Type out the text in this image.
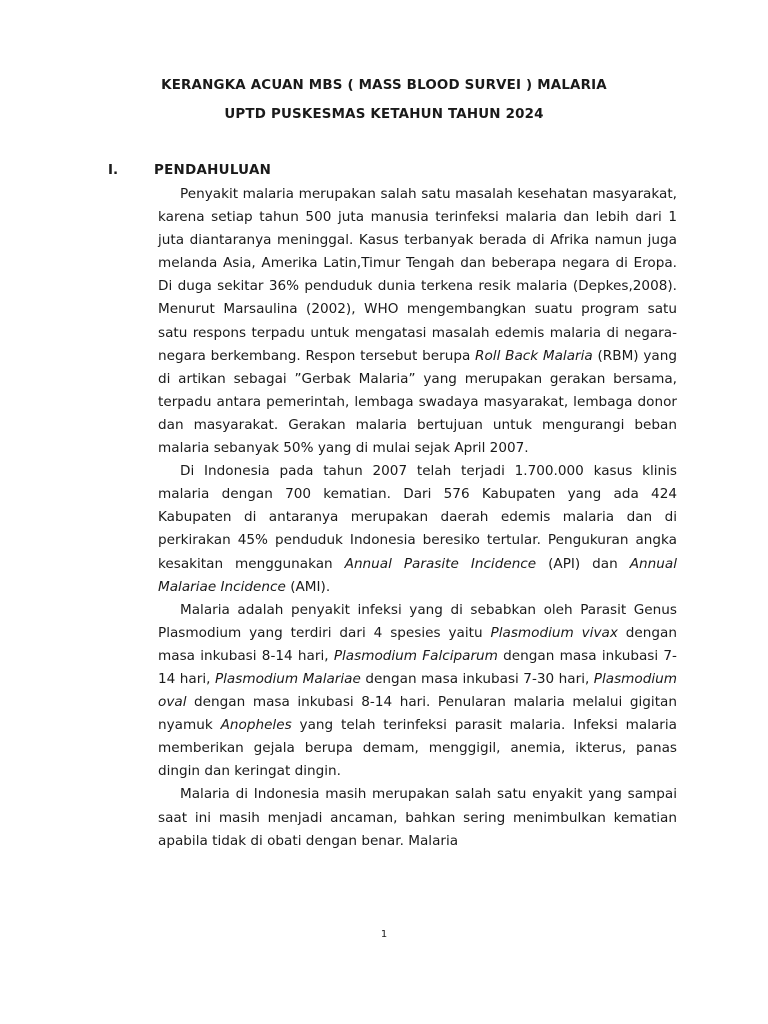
KERANGKA ACUAN MBS ( MASS BLOOD SURVEI ) MALARIA
UPTD PUSKESMAS KETAHUN TAHUN 2024
I.	PENDAHULUAN

Penyakit malaria merupakan salah satu masalah kesehatan masyarakat, karena setiap tahun 500 juta manusia terinfeksi malaria dan lebih dari 1 juta diantaranya meninggal. Kasus terbanyak berada di Afrika namun juga melanda Asia, Amerika Latin,Timur Tengah dan beberapa negara di Eropa. Di duga sekitar 36% penduduk dunia terkena resik malaria (Depkes,2008). Menurut Marsaulina (2002), WHO mengembangkan suatu program satu satu respons terpadu untuk mengatasi masalah edemis malaria di negara-negara berkembang. Respon tersebut berupa Roll Back Malaria (RBM) yang di artikan sebagai ”Gerbak Malaria” yang merupakan gerakan bersama, terpadu antara pemerintah, lembaga swadaya masyarakat, lembaga donor dan masyarakat. Gerakan malaria bertujuan untuk mengurangi beban malaria sebanyak 50% yang di mulai sejak April 2007.

Di Indonesia pada tahun 2007 telah terjadi 1.700.000 kasus klinis malaria dengan 700 kematian. Dari 576 Kabupaten yang ada 424 Kabupaten di antaranya merupakan daerah edemis malaria dan di perkirakan 45% penduduk Indonesia beresiko tertular. Pengukuran angka kesakitan menggunakan Annual Parasite Incidence (API) dan Annual Malariae Incidence (AMI).

Malaria adalah penyakit infeksi yang di sebabkan oleh Parasit Genus Plasmodium yang terdiri dari 4 spesies yaitu Plasmodium vivax dengan masa inkubasi 8-14 hari, Plasmodium Falciparum dengan masa inkubasi 7-14 hari, Plasmodium Malariae dengan masa inkubasi 7-30 hari, Plasmodium oval dengan masa inkubasi 8-14 hari. Penularan malaria melalui gigitan nyamuk Anopheles yang telah terinfeksi parasit malaria. Infeksi malaria memberikan gejala berupa demam, menggigil, anemia, ikterus, panas dingin dan keringat dingin.

Malaria di Indonesia masih merupakan salah satu enyakit yang sampai saat ini masih menjadi ancaman, bahkan sering menimbulkan kematian apabila tidak di obati dengan benar. Malaria

1
